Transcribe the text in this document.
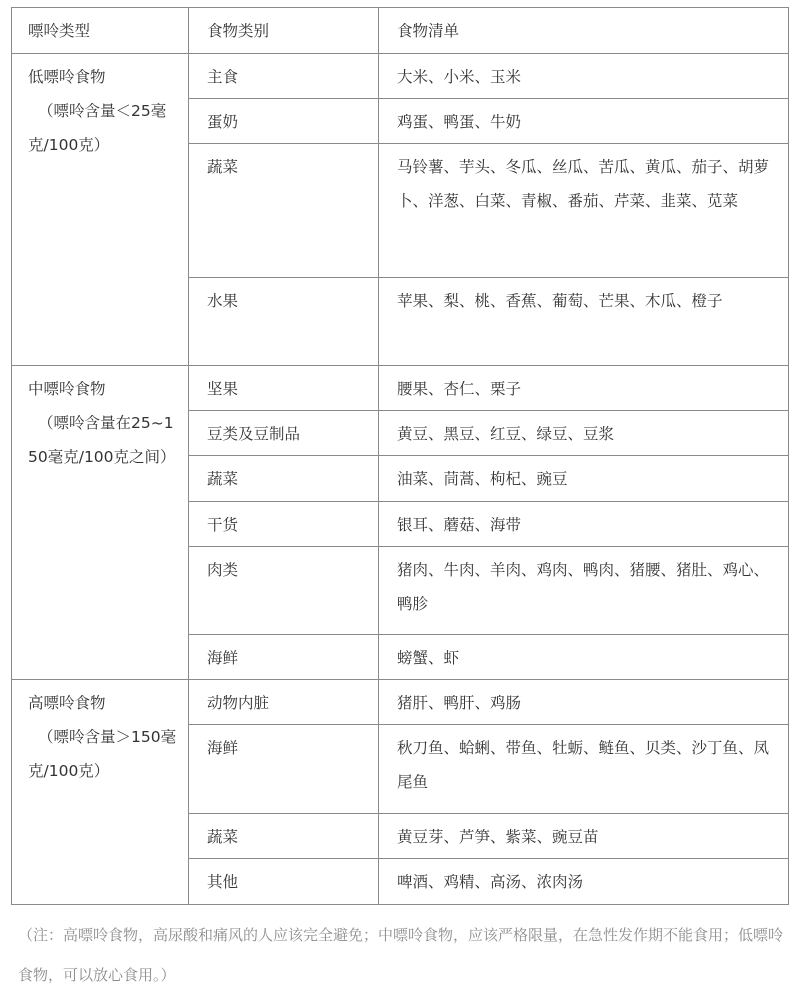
嘌呤类型	食物类别	食物清单

低嘌呤食物
（嘌呤含量＜25毫克/100克）	主食	大米、小米、玉米
	蛋奶	鸡蛋、鸭蛋、牛奶
	蔬菜	马铃薯、芋头、冬瓜、丝瓜、苦瓜、黄瓜、茄子、胡萝卜、洋葱、白菜、青椒、番茄、芹菜、韭菜、苋菜
	水果	苹果、梨、桃、香蕉、葡萄、芒果、木瓜、橙子

中嘌呤食物
（嘌呤含量在25~150毫克/100克之间）	坚果	腰果、杏仁、栗子
	豆类及豆制品	黄豆、黑豆、红豆、绿豆、豆浆
	蔬菜	油菜、茼蒿、枸杞、豌豆
	干货	银耳、蘑菇、海带
	肉类	猪肉、牛肉、羊肉、鸡肉、鸭肉、猪腰、猪肚、鸡心、鸭胗
	海鲜	螃蟹、虾

高嘌呤食物
（嘌呤含量＞150毫克/100克）	动物内脏	猪肝、鸭肝、鸡肠
	海鲜	秋刀鱼、蛤蜊、带鱼、牡蛎、鲢鱼、贝类、沙丁鱼、凤尾鱼
	蔬菜	黄豆芽、芦笋、紫菜、豌豆苗
	其他	啤酒、鸡精、高汤、浓肉汤

（注：高嘌呤食物，高尿酸和痛风的人应该完全避免；中嘌呤食物，应该严格限量，在急性发作期不能食用；低嘌呤食物，可以放心食用。）
